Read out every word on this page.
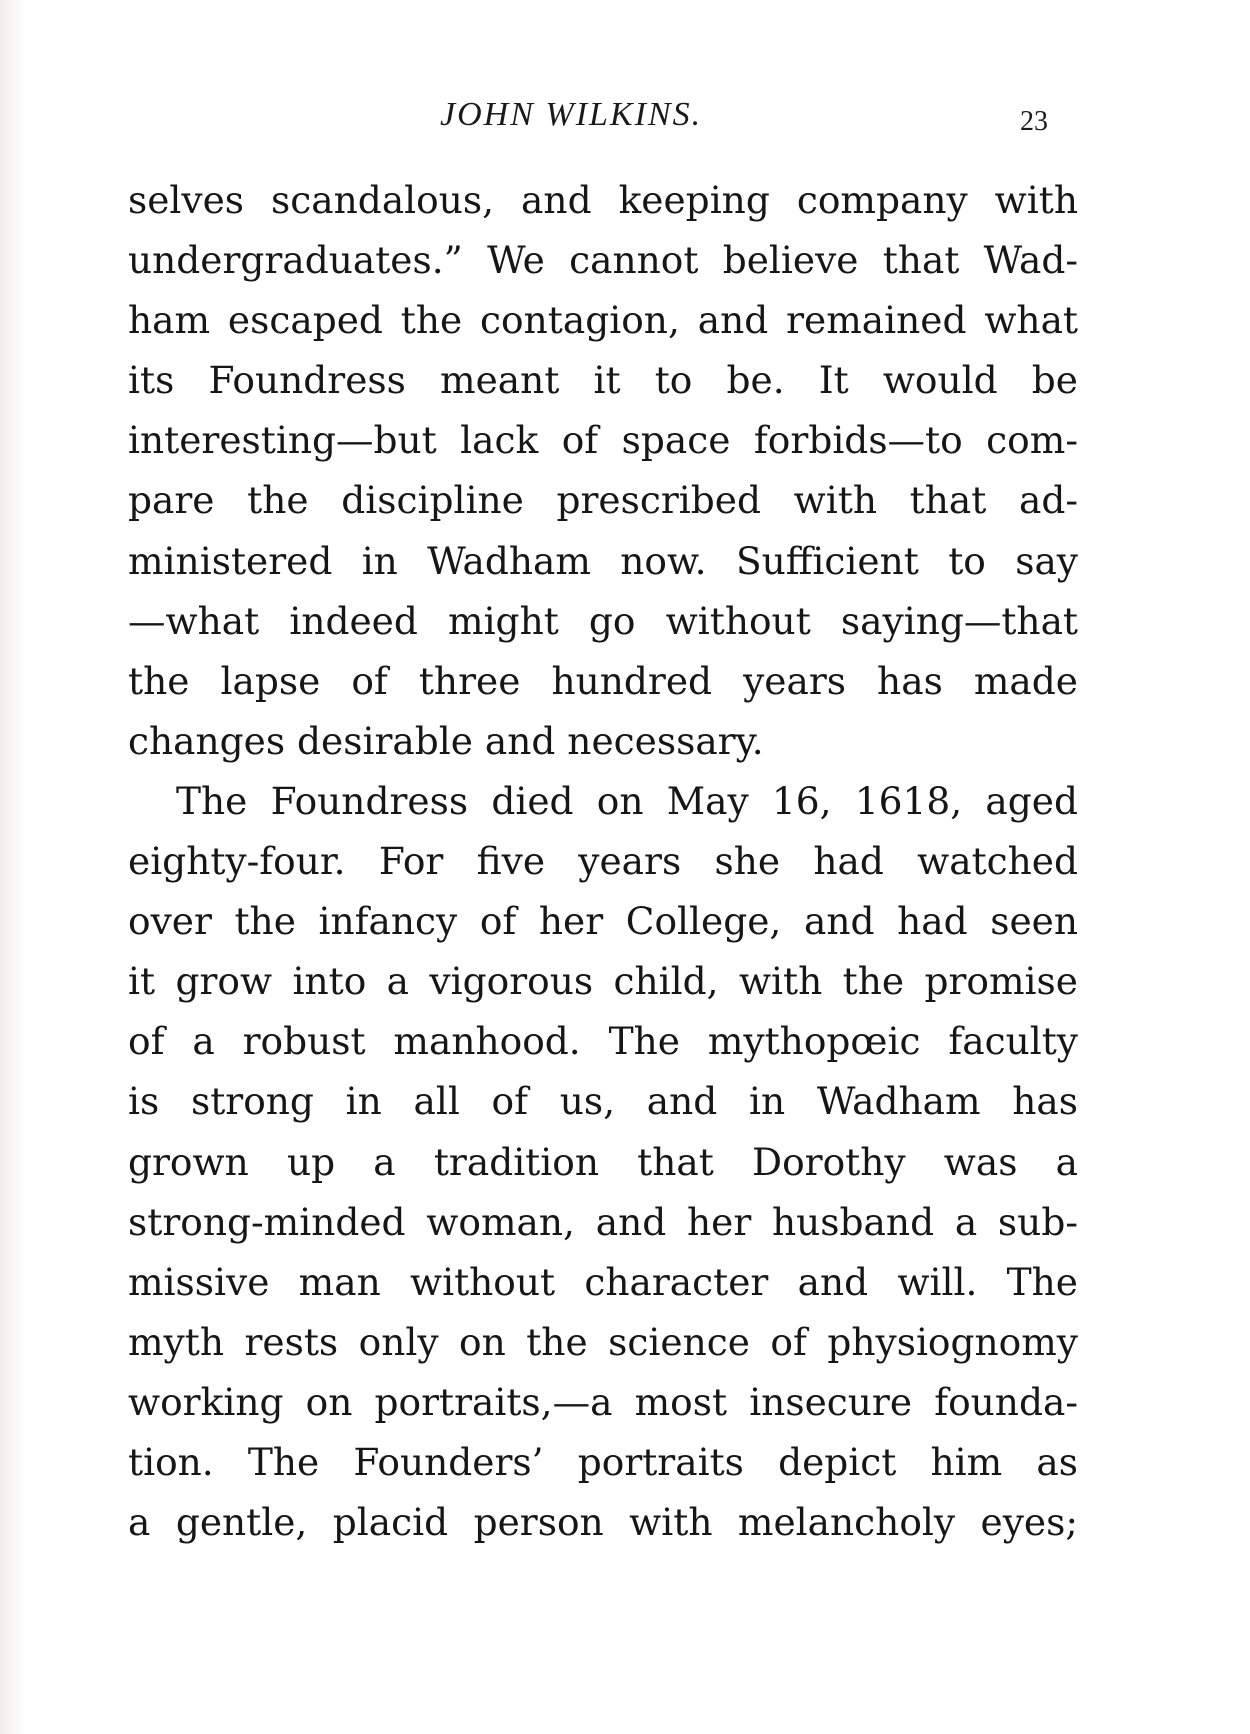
JOHN WILKINS.	23
selves scandalous, and keeping company with
undergraduates.” We cannot believe that Wad-
ham escaped the contagion, and remained what
its Foundress meant it to be. It would be
interesting—but lack of space forbids—to com-
pare the discipline prescribed with that ad-
ministered in Wadham now. Sufficient to say
—what indeed might go without saying—that
the lapse of three hundred years has made
changes desirable and necessary.
The Foundress died on May 16, 1618, aged
eighty-four. For five years she had watched
over the infancy of her College, and had seen
it grow into a vigorous child, with the promise
of a robust manhood. The mythopœic faculty
is strong in all of us, and in Wadham has
grown up a tradition that Dorothy was a
strong-minded woman, and her husband a sub-
missive man without character and will. The
myth rests only on the science of physiognomy
working on portraits,—a most insecure founda-
tion. The Founders’ portraits depict him as
a gentle, placid person with melancholy eyes;
